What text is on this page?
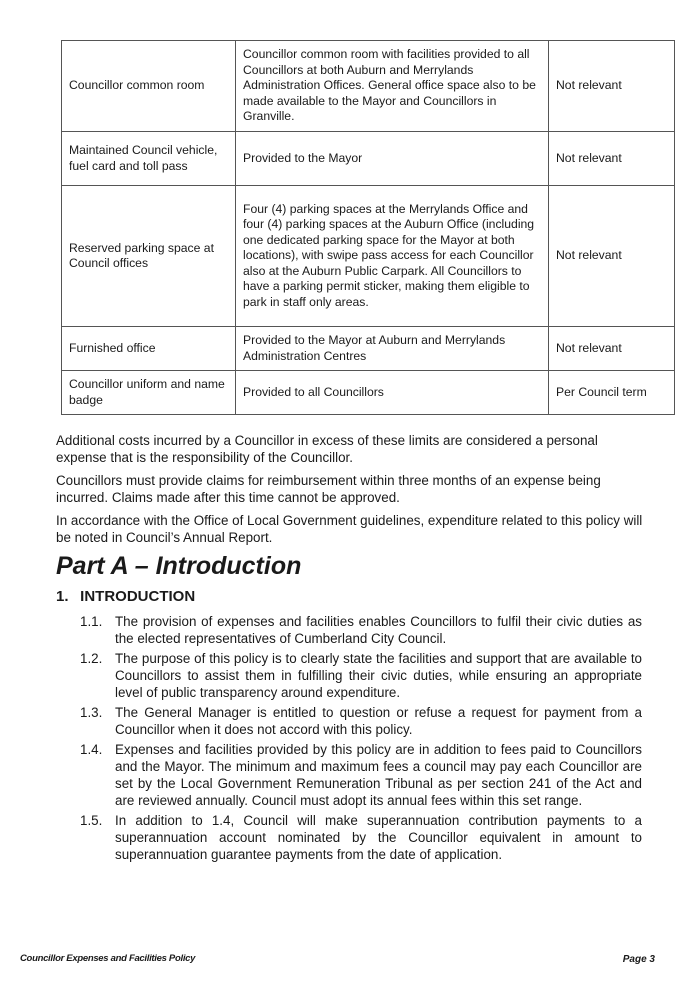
Councillor common room	Councillor common room with facilities provided to all Councillors at both Auburn and Merrylands Administration Offices. General office space also to be made available to the Mayor and Councillors in Granville.	Not relevant
Maintained Council vehicle, fuel card and toll pass	Provided to the Mayor	Not relevant
Reserved parking space at Council offices	Four (4) parking spaces at the Merrylands Office and four (4) parking spaces at the Auburn Office (including one dedicated parking space for the Mayor at both locations), with swipe pass access for each Councillor also at the Auburn Public Carpark. All Councillors to have a parking permit sticker, making them eligible to park in staff only areas.	Not relevant
Furnished office	Provided to the Mayor at Auburn and Merrylands Administration Centres	Not relevant
Councillor uniform and name badge	Provided to all Councillors	Per Council term

Additional costs incurred by a Councillor in excess of these limits are considered a personal expense that is the responsibility of the Councillor.

Councillors must provide claims for reimbursement within three months of an expense being incurred. Claims made after this time cannot be approved.

In accordance with the Office of Local Government guidelines, expenditure related to this policy will be noted in Council’s Annual Report.

Part A – Introduction
1. INTRODUCTION
1.1. The provision of expenses and facilities enables Councillors to fulfil their civic duties as the elected representatives of Cumberland City Council.
1.2. The purpose of this policy is to clearly state the facilities and support that are available to Councillors to assist them in fulfilling their civic duties, while ensuring an appropriate level of public transparency around expenditure.
1.3. The General Manager is entitled to question or refuse a request for payment from a Councillor when it does not accord with this policy.
1.4. Expenses and facilities provided by this policy are in addition to fees paid to Councillors and the Mayor. The minimum and maximum fees a council may pay each Councillor are set by the Local Government Remuneration Tribunal as per section 241 of the Act and are reviewed annually. Council must adopt its annual fees within this set range.
1.5. In addition to 1.4, Council will make superannuation contribution payments to a superannuation account nominated by the Councillor equivalent in amount to superannuation guarantee payments from the date of application.
Councillor Expenses and Facilities Policy	Page 3
